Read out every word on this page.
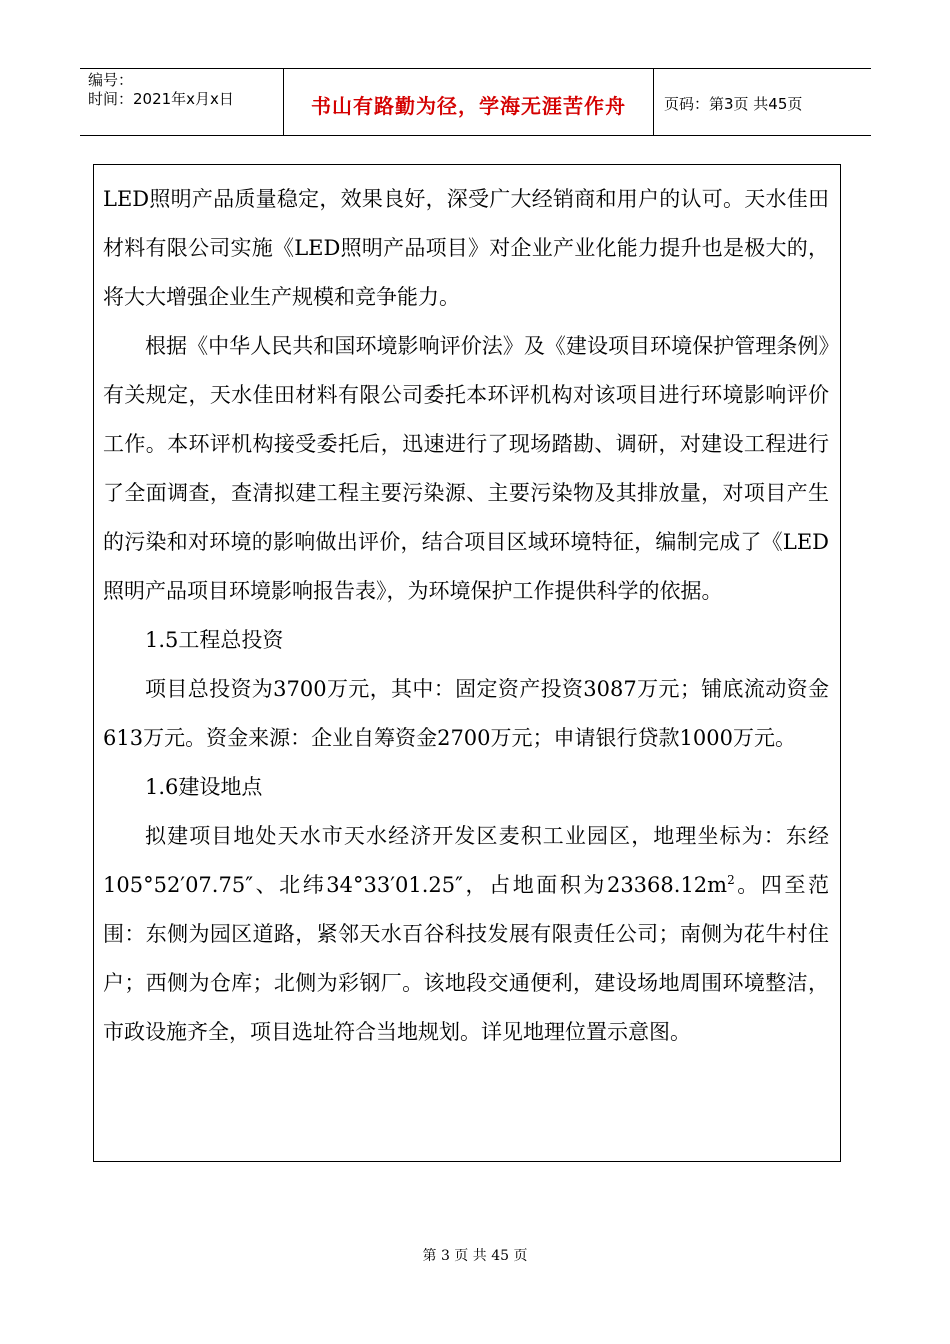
编号：
时间：2021年x月x日	书山有路勤为径，学海无涯苦作舟	页码：第3页 共45页

LED照明产品质量稳定，效果良好，深受广大经销商和用户的认可。天水佳田材料有限公司实施《LED照明产品项目》对企业产业化能力提升也是极大的，将大大增强企业生产规模和竞争能力。

根据《中华人民共和国环境影响评价法》及《建设项目环境保护管理条例》有关规定，天水佳田材料有限公司委托本环评机构对该项目进行环境影响评价工作。本环评机构接受委托后，迅速进行了现场踏勘、调研，对建设工程进行了全面调查，查清拟建工程主要污染源、主要污染物及其排放量，对项目产生的污染和对环境的影响做出评价，结合项目区域环境特征，编制完成了《LED照明产品项目环境影响报告表》，为环境保护工作提供科学的依据。

1.5工程总投资

项目总投资为3700万元，其中：固定资产投资3087万元；铺底流动资金613万元。资金来源：企业自筹资金2700万元；申请银行贷款1000万元。

1.6建设地点

拟建项目地处天水市天水经济开发区麦积工业园区，地理坐标为：东经105°52′07.75″、北纬34°33′01.25″，占地面积为$23368.12m^2$。四至范围：东侧为园区道路，紧邻天水百谷科技发展有限责任公司；南侧为花牛村住户；西侧为仓库；北侧为彩钢厂。该地段交通便利，建设场地周围环境整洁，市政设施齐全，项目选址符合当地规划。详见地理位置示意图。

第 3 页 共 45 页
